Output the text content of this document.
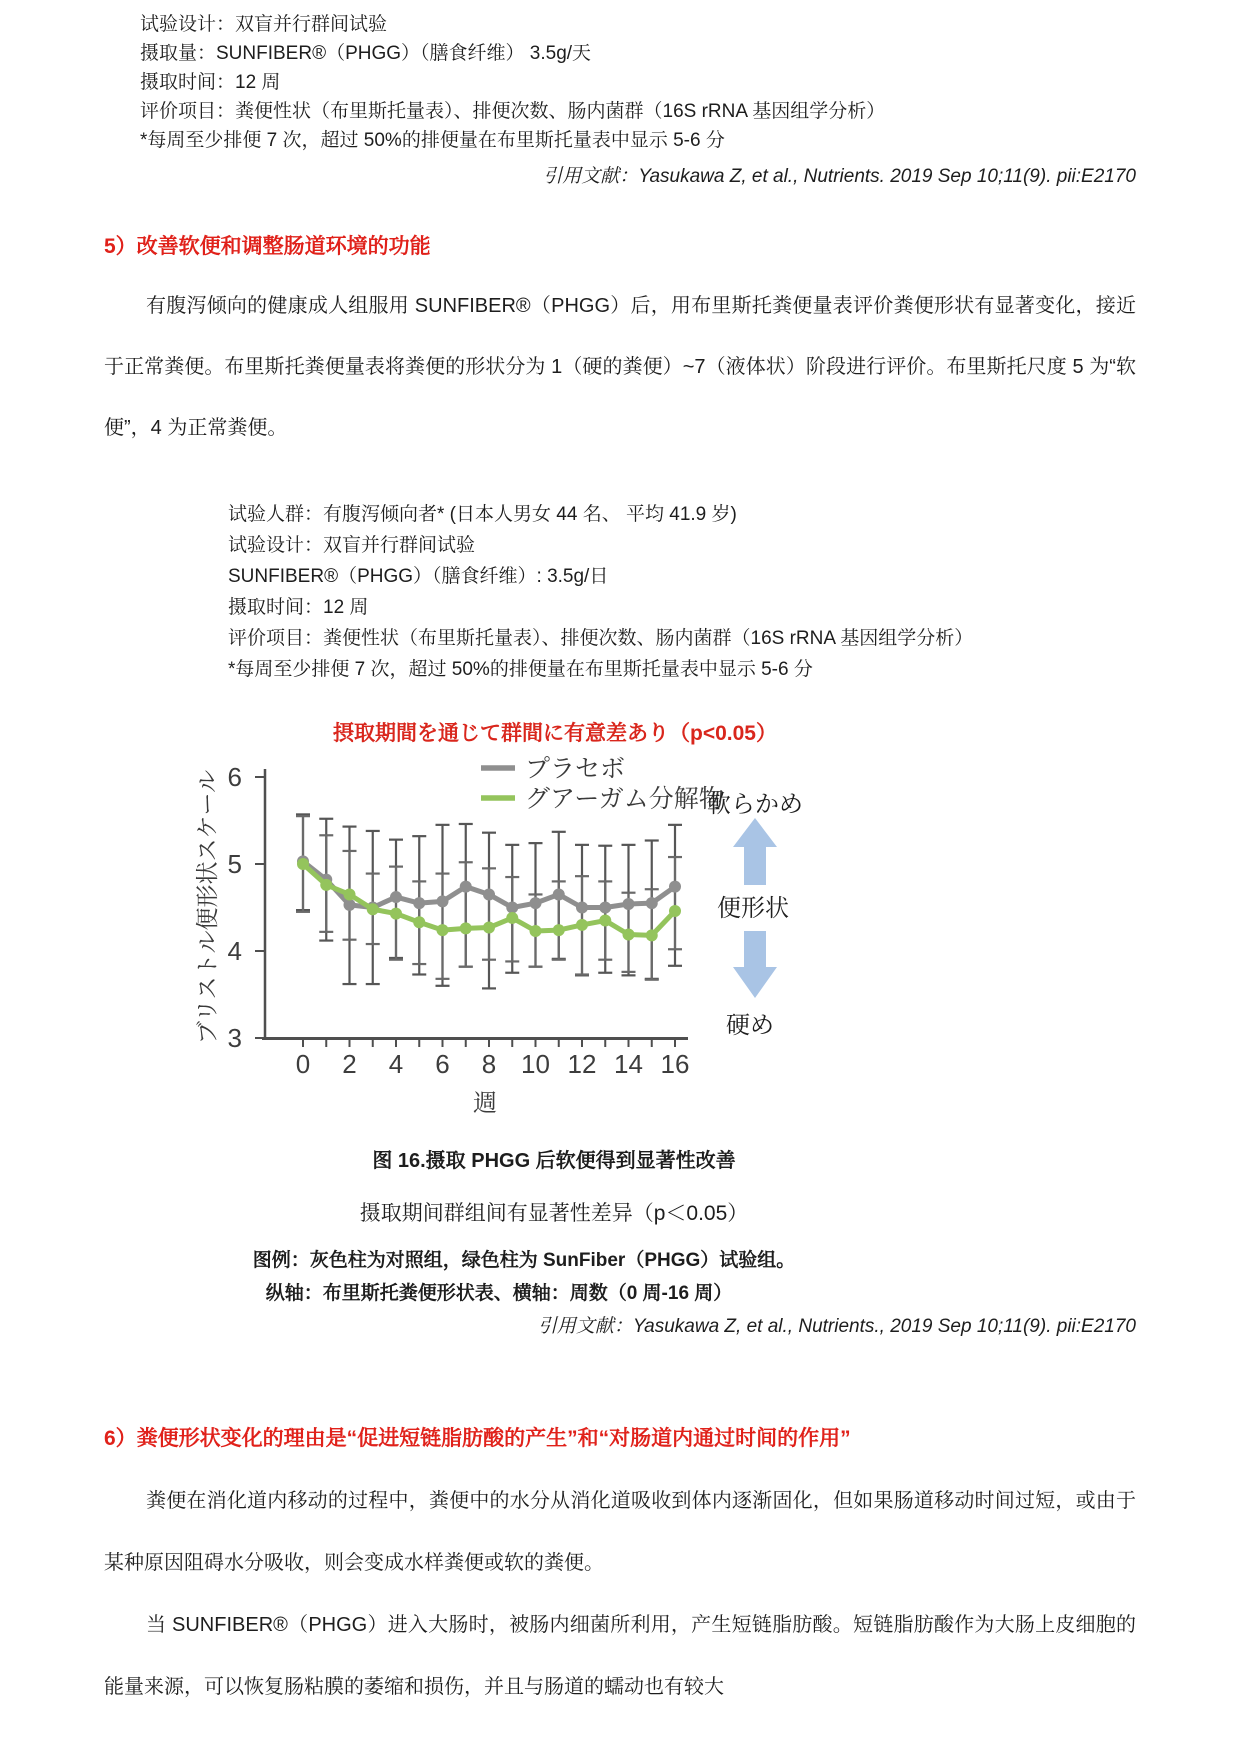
试验设计：双盲并行群间试验
摄取量：SUNFIBER®（PHGG）（膳食纤维） 3.5g/天
摄取时间：12 周
评价项目：粪便性状（布里斯托量表）、排便次数、肠内菌群（16S rRNA 基因组学分析）
*每周至少排便 7 次，超过 50%的排便量在布里斯托量表中显示 5-6 分
引用文献：Yasukawa Z, et al., Nutrients. 2019 Sep 10;11(9). pii:E2170
5）改善软便和调整肠道环境的功能

有腹泻倾向的健康成人组服用 SUNFIBER®（PHGG）后，用布里斯托粪便量表评价粪便形状有显著变化，接近于正常粪便。布里斯托粪便量表将粪便的形状分为 1（硬的粪便）~7（液体状）阶段进行评价。布里斯托尺度 5 为“软便”，4 为正常粪便。

试验人群：有腹泻倾向者* (日本人男女 44 名、 平均 41.9 岁)
试验设计：双盲并行群间试验
SUNFIBER®（PHGG）（膳食纤维）: 3.5g/日
摄取时间：12 周
评价项目：粪便性状（布里斯托量表）、排便次数、肠内菌群（16S rRNA 基因组学分析）
*每周至少排便 7 次，超过 50%的排便量在布里斯托量表中显示 5-6 分
摂取期間を通じて群間に有意差あり（p<0.05）
3
4
5
6
0 2 4 6 8 10 12 14 16
プラセボ
グアーガム分解物
ブリストル便形状スケール
週
軟らかめ
便形状
硬め
图 16.摄取 PHGG 后软便得到显著性改善
摄取期间群组间有显著性差异（p＜0.05）
图例：灰色柱为对照组，绿色柱为 SunFiber（PHGG）试验组。
纵轴：布里斯托粪便形状表、横轴：周数（0 周-16 周）
引用文献：Yasukawa Z, et al., Nutrients., 2019 Sep 10;11(9). pii:E2170
6）粪便形状变化的理由是“促进短链脂肪酸的产生”和“对肠道内通过时间的作用”

粪便在消化道内移动的过程中，粪便中的水分从消化道吸收到体内逐渐固化，但如果肠道移动时间过短，或由于某种原因阻碍水分吸收，则会变成水样粪便或软的粪便。

当 SUNFIBER®（PHGG）进入大肠时，被肠内细菌所利用，产生短链脂肪酸。短链脂肪酸作为大肠上皮细胞的能量来源，可以恢复肠粘膜的萎缩和损伤，并且与肠道的蠕动也有较大
